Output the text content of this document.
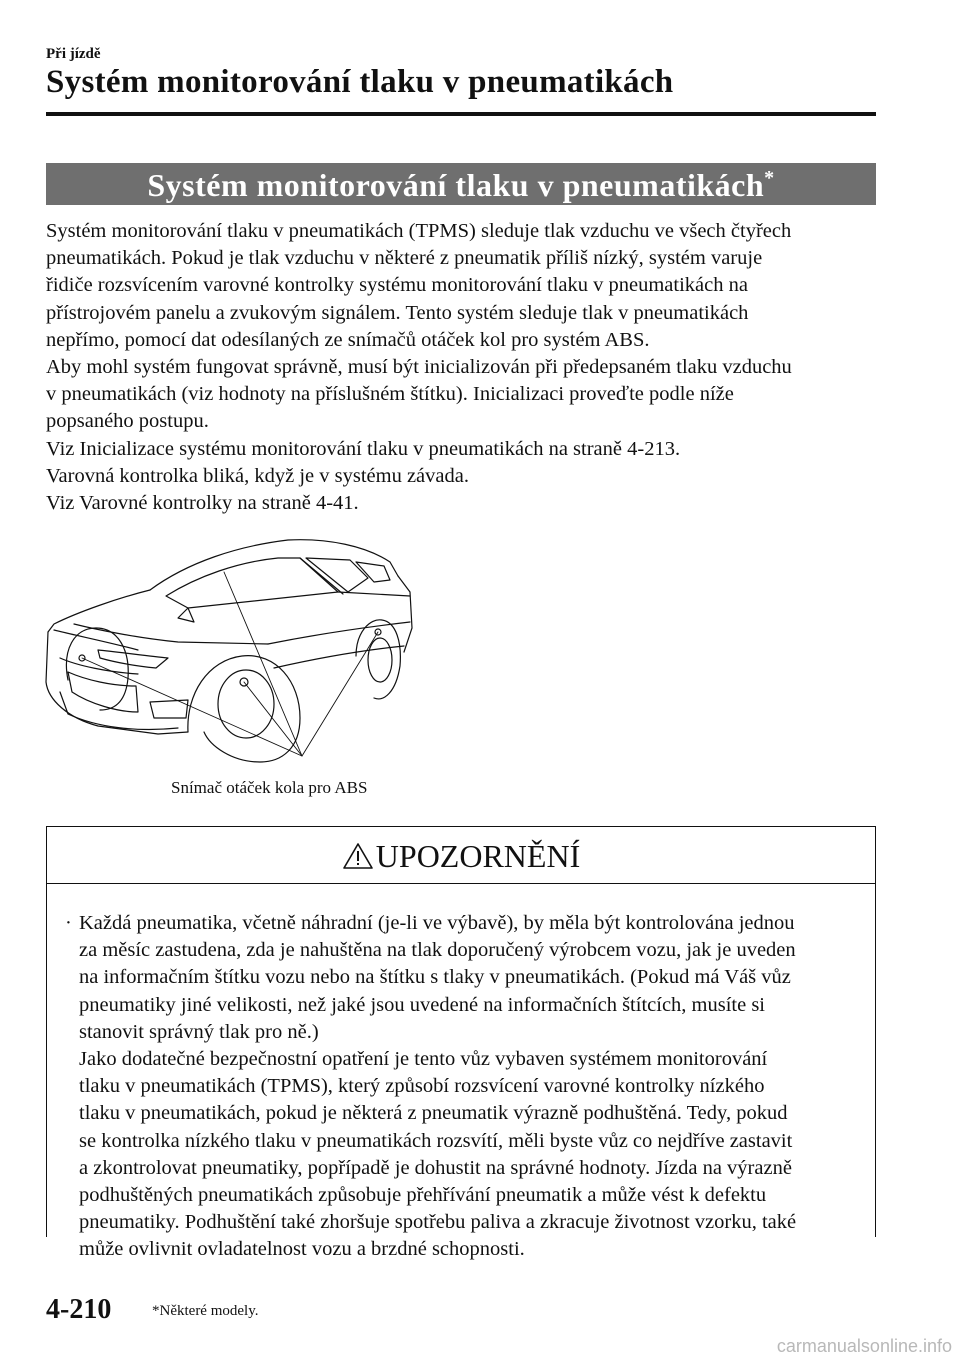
Při jízdě
Systém monitorování tlaku v pneumatikách
Systém monitorování tlaku v pneumatikách*

Systém monitorování tlaku v pneumatikách (TPMS) sleduje tlak vzduchu ve všech čtyřech

pneumatikách. Pokud je tlak vzduchu v některé z pneumatik příliš nízký, systém varuje

řidiče rozsvícením varovné kontrolky systému monitorování tlaku v pneumatikách na

přístrojovém panelu a zvukovým signálem. Tento systém sleduje tlak v pneumatikách

nepřímo, pomocí dat odesílaných ze snímačů otáček kol pro systém ABS.

Aby mohl systém fungovat správně, musí být inicializován při předepsaném tlaku vzduchu

v pneumatikách (viz hodnoty na příslušném štítku). Inicializaci proveďte podle níže

popsaného postupu.

Viz Inicializace systému monitorování tlaku v pneumatikách na straně 4-213.

Varovná kontrolka bliká, když je v systému závada.

Viz Varovné kontrolky na straně 4-41.

Snímač otáček kola pro ABS
UPOZORNĚNÍ
· Každá pneumatika, včetně náhradní (je-li ve výbavě), by měla být kontrolována jednou

za měsíc zastudena, zda je nahuštěna na tlak doporučený výrobcem vozu, jak je uveden

na informačním štítku vozu nebo na štítku s tlaky v pneumatikách. (Pokud má Váš vůz

pneumatiky jiné velikosti, než jaké jsou uvedené na informačních štítcích, musíte si

stanovit správný tlak pro ně.)

Jako dodatečné bezpečnostní opatření je tento vůz vybaven systémem monitorování

tlaku v pneumatikách (TPMS), který způsobí rozsvícení varovné kontrolky nízkého

tlaku v pneumatikách, pokud je některá z pneumatik výrazně podhuštěná. Tedy, pokud

se kontrolka nízkého tlaku v pneumatikách rozsvítí, měli byste vůz co nejdříve zastavit

a zkontrolovat pneumatiky, popřípadě je dohustit na správné hodnoty. Jízda na výrazně

podhuštěných pneumatikách způsobuje přehřívání pneumatik a může vést k defektu

pneumatiky. Podhuštění také zhoršuje spotřebu paliva a zkracuje životnost vzorku, také

může ovlivnit ovladatelnost vozu a brzdné schopnosti.

4-210	*Některé modely.
carmanualsonline.info
